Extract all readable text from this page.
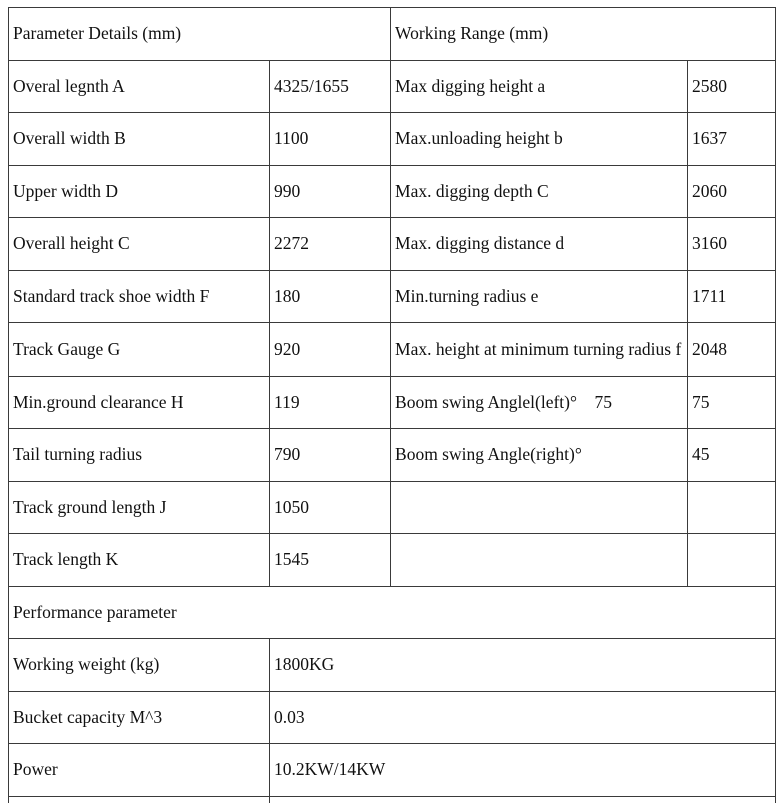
Parameter Details (mm)		Working Range (mm)	
Overal legnth A	4325/1655	Max digging height a	2580
Overall width B	1100	Max.unloading height b	1637
Upper width D	990	Max. digging depth C	2060
Overall height C	2272	Max. digging distance d	3160
Standard track shoe width F	180	Min.turning radius e	1711
Track Gauge G	920	Max. height at minimum turning radius f	2048
Min.ground clearance H	119	Boom swing Anglel(left)°    75	75
Tail turning radius	790	Boom swing Angle(right)°	45
Track ground length J	1050		
Track length K	1545		
Performance parameter			
Working weight (kg)	1800KG		
Bucket capacity M^3	0.03		
Power	10.2KW/14KW		
